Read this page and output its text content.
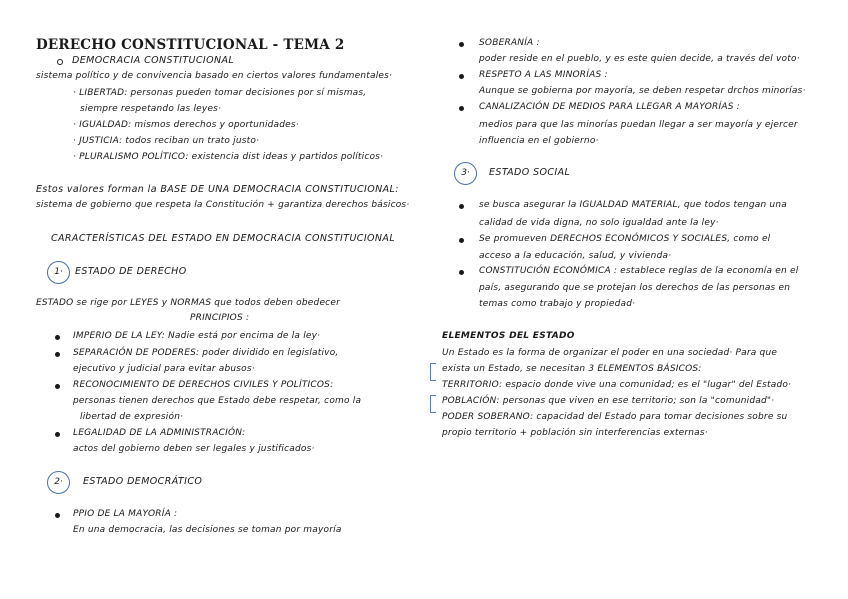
DERECHO CONSTITUCIONAL - TEMA 2
DEMOCRACIA CONSTITUCIONAL
sistema político y de convivencia basado en ciertos valores fundamentales·
· LIBERTAD: personas pueden tomar decisiones por sí mismas,
siempre respetando las leyes·
· IGUALDAD: mismos derechos y oportunidades·
· JUSTICIA: todos reciban un trato justo·
· PLURALISMO POLÍTICO: existencia dist ideas y partidos políticos·
Estos valores forman la BASE DE UNA DEMOCRACIA CONSTITUCIONAL:
sistema de gobierno que respeta la Constitución + garantiza derechos básicos·
CARACTERÍSTICAS DEL ESTADO EN DEMOCRACIA CONSTITUCIONAL
1·	ESTADO DE DERECHO
ESTADO se rige por LEYES y NORMAS que todos deben obedecer
PRINCIPIOS :
IMPERIO DE LA LEY: Nadie está por encima de la ley·
SEPARACIÓN DE PODERES: poder dividido en legislativo,
ejecutivo y judicial para evitar abusos·
RECONOCIMIENTO DE DERECHOS CIVILES Y POLÍTICOS:
personas tienen derechos que Estado debe respetar, como la
libertad de expresión·
LEGALIDAD DE LA ADMINISTRACIÓN:
actos del gobierno deben ser legales y justificados·
2·	ESTADO DEMOCRÁTICO
PPIO DE LA MAYORÍA :
En una democracia, las decisiones se toman por mayoría
SOBERANÍA :
poder reside en el pueblo, y es este quien decide, a través del voto·
RESPETO A LAS MINORÍAS :
Aunque se gobierna por mayoría, se deben respetar drchos minorías·
CANALIZACIÓN DE MEDIOS PARA LLEGAR A MAYORÍAS :
medios para que las minorías puedan llegar a ser mayoría y ejercer
influencia en el gobierno·
3·	ESTADO SOCIAL
se busca asegurar la IGUALDAD MATERIAL, que todos tengan una
calidad de vida digna, no solo igualdad ante la ley·
Se promueven DERECHOS ECONÓMICOS Y SOCIALES, como el
acceso a la educación, salud, y vivienda·
CONSTITUCIÓN ECONÓMICA : establece reglas de la economía en el
país, asegurando que se protejan los derechos de las personas en
temas como trabajo y propiedad·
ELEMENTOS DEL ESTADO
Un Estado es la forma de organizar el poder en una sociedad· Para que
exista un Estado, se necesitan 3 ELEMENTOS BÁSICOS:
TERRITORIO: espacio donde vive una comunidad; es el "lugar" del Estado·
POBLACIÓN: personas que viven en ese territorio; son la "comunidad"·
PODER SOBERANO: capacidad del Estado para tomar decisiones sobre su
propio territorio + población sin interferencias externas·
